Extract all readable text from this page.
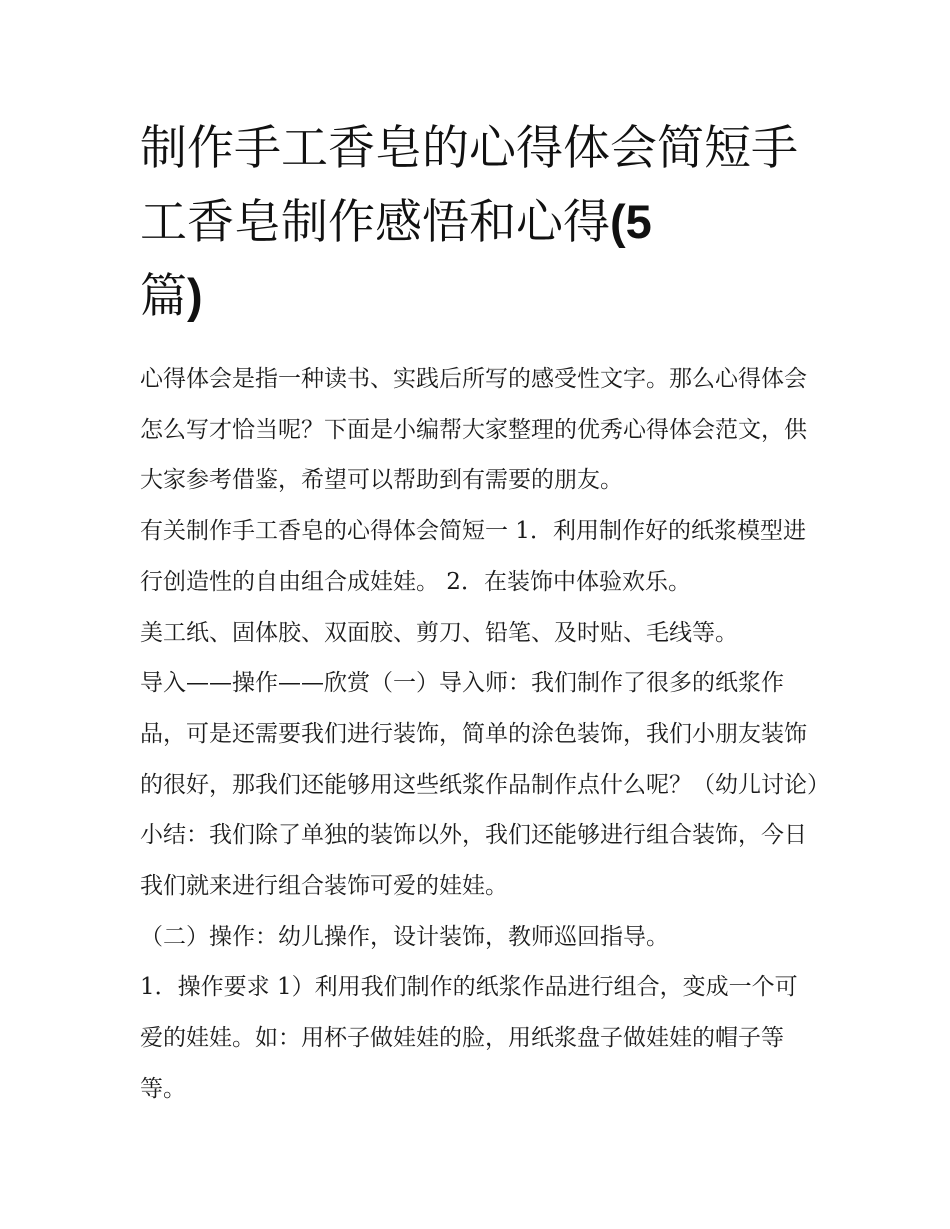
制作手工香皂的心得体会简短手工香皂制作感悟和心得(5
篇)

心得体会是指一种读书、实践后所写的感受性文字。那么心得体会怎么写才恰当呢？下面是小编帮大家整理的优秀心得体会范文，供大家参考借鉴，希望可以帮助到有需要的朋友。

有关制作手工香皂的心得体会简短一 1．利用制作好的纸浆模型进行创造性的自由组合成娃娃。 2．在装饰中体验欢乐。

美工纸、固体胶、双面胶、剪刀、铅笔、及时贴、毛线等。

导入——操作——欣赏（一）导入师：我们制作了很多的纸浆作品，可是还需要我们进行装饰，简单的涂色装饰，我们小朋友装饰的很好，那我们还能够用这些纸浆作品制作点什么呢？（幼儿讨论）小结：我们除了单独的装饰以外，我们还能够进行组合装饰，今日我们就来进行组合装饰可爱的娃娃。

（二）操作：幼儿操作，设计装饰，教师巡回指导。

1．操作要求 1）利用我们制作的纸浆作品进行组合，变成一个可爱的娃娃。如：用杯子做娃娃的脸，用纸浆盘子做娃娃的帽子等等。
